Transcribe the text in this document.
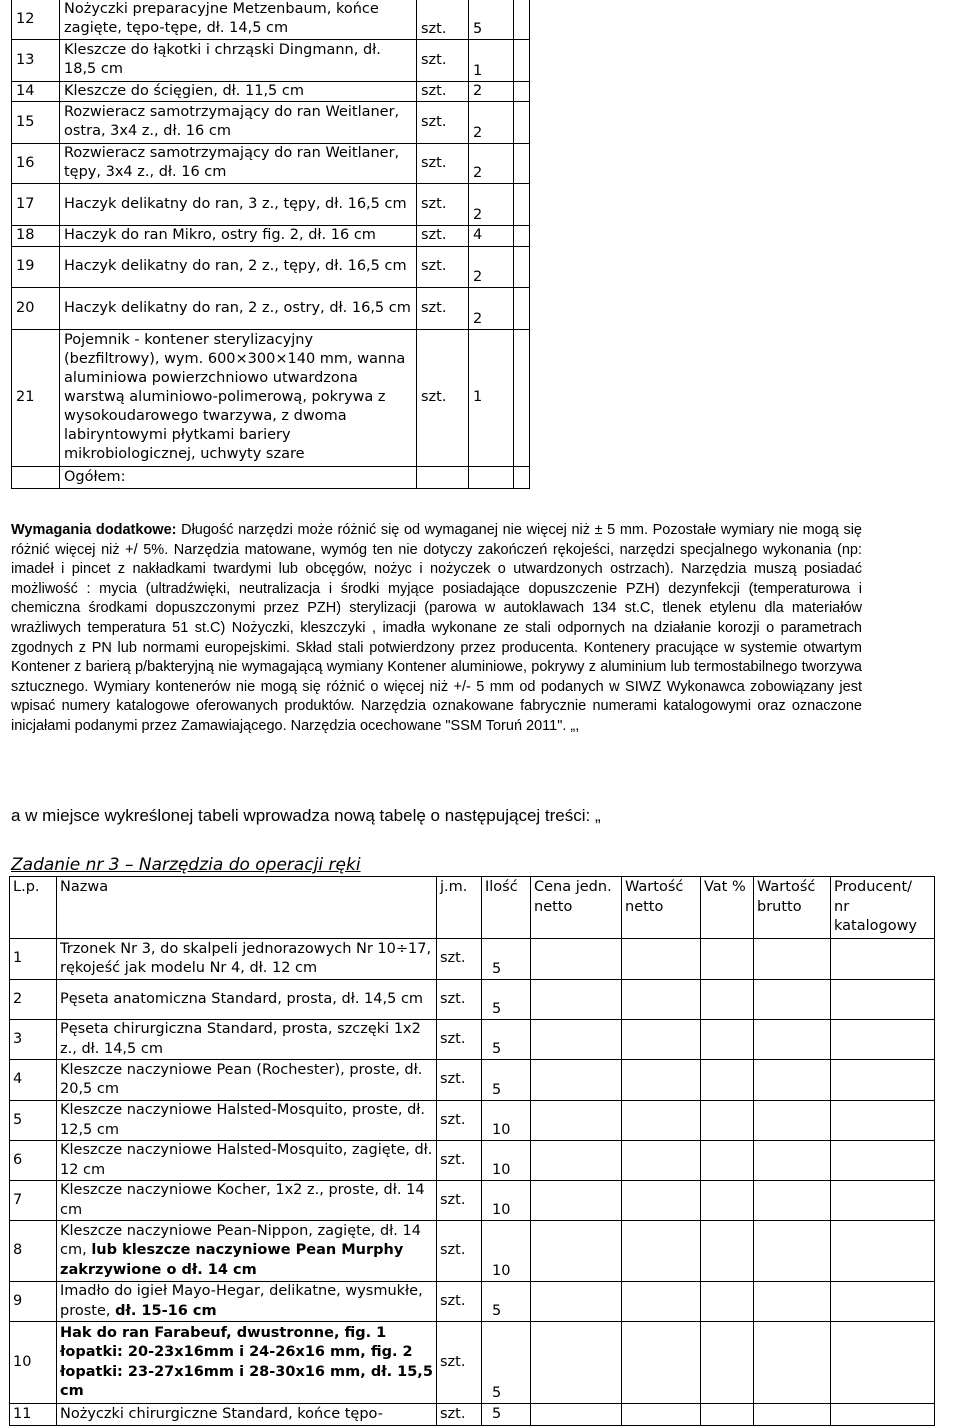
12	Nożyczki preparacyjne Metzenbaum, końce zagięte, tępo-tępe, dł. 14,5 cm	szt.	5	
13	Kleszcze do łąkotki i chrząski Dingmann, dł. 18,5 cm	szt.	1	
14	Kleszcze do ścięgien, dł. 11,5 cm	szt.	2	
15	Rozwieracz samotrzymający do ran Weitlaner, ostra, 3x4 z., dł. 16 cm	szt.	2	
16	Rozwieracz samotrzymający do ran Weitlaner, tępy, 3x4 z., dł. 16 cm	szt.	2	
17	Haczyk delikatny do ran, 3 z., tępy, dł. 16,5 cm	szt.	2	
18	Haczyk do ran Mikro, ostry fig. 2, dł. 16 cm	szt.	4	
19	Haczyk delikatny do ran, 2 z., tępy, dł. 16,5 cm	szt.	2	
20	Haczyk delikatny do ran, 2 z., ostry, dł. 16,5 cm	szt.	2	
21	Pojemnik - kontener sterylizacyjny (bezfiltrowy), wym. 600×300×140 mm, wanna aluminiowa powierzchniowo utwardzona warstwą aluminiowo-polimerową, pokrywa z wysokoudarowego twarzywa, z dwoma labiryntowymi płytkami bariery mikrobiologicznej, uchwyty szare	szt.	1	
	Ogółem:			
Wymagania dodatkowe: Długość narzędzi może różnić się od wymaganej nie więcej niż ± 5 mm. Pozostałe wymiary nie mogą się różnić więcej niż +/ 5%. Narzędzia matowane, wymóg ten nie dotyczy zakończeń rękojeści, narzędzi specjalnego wykonania (np: imadeł i pincet z nakładkami twardymi lub obcęgów, nożyc i nożyczek o utwardzonych ostrzach). Narzędzia muszą posiadać możliwość : mycia (ultradźwięki, neutralizacja i środki myjące posiadające dopuszczenie PZH) dezynfekcji (temperaturowa i chemiczna środkami dopuszczonymi przez PZH) sterylizacji (parowa w autoklawach 134 st.C, tlenek etylenu dla materiałów wrażliwych temperatura 51 st.C) Nożyczki, kleszczyki , imadła wykonane ze stali odpornych na działanie korozji o parametrach zgodnych z PN lub normami europejskimi. Skład stali potwierdzony przez producenta. Kontenery pracujące w systemie otwartym Kontener z barierą p/bakteryjną nie wymagającą wymiany Kontener aluminiowe, pokrywy z aluminium lub termostabilnego tworzywa sztucznego. Wymiary kontenerów nie mogą się różnić o więcej niż +/- 5 mm od podanych w SIWZ Wykonawca zobowiązany jest wpisać numery katalogowe oferowanych produktów. Narzędzia oznakowane fabrycznie numerami katalogowymi oraz oznaczone inicjałami podanymi przez Zamawiającego. Narzędzia ocechowane "SSM Toruń 2011". „,
a w miejsce wykreślonej tabeli wprowadza nową tabelę o następującej treści: „
Zadanie nr 3 – Narzędzia do operacji ręki
L.p.	Nazwa	j.m.	Ilość	Cena jedn. netto	Wartość netto	Vat %	Wartość brutto	Producent/ nr katalogowy
1	Trzonek Nr 3, do skalpeli jednorazowych Nr 10÷17, rękojeść jak modelu Nr 4, dł. 12 cm	szt.	5					
2	Pęseta anatomiczna Standard, prosta, dł. 14,5 cm	szt.	5					
3	Pęseta chirurgiczna Standard, prosta, szczęki 1x2 z., dł. 14,5 cm	szt.	5					
4	Kleszcze naczyniowe Pean (Rochester), proste, dł. 20,5 cm	szt.	5					
5	Kleszcze naczyniowe Halsted-Mosquito, proste, dł. 12,5 cm	szt.	10					
6	Kleszcze naczyniowe Halsted-Mosquito, zagięte, dł. 12 cm	szt.	10					
7	Kleszcze naczyniowe Kocher, 1x2 z., proste, dł. 14 cm	szt.	10					
8	Kleszcze naczyniowe Pean-Nippon, zagięte, dł. 14 cm, lub kleszcze naczyniowe Pean Murphy zakrzywione o dł. 14 cm	szt.	10					
9	Imadło do igieł Mayo-Hegar, delikatne, wysmukłe, proste, dł. 15-16 cm	szt.	5					
10	Hak do ran Farabeuf, dwustronne, fig. 1 łopatki: 20-23x16mm i 24-26x16 mm, fig. 2 łopatki: 23-27x16mm i 28-30x16 mm, dł. 15,5 cm	szt.	5					
11	Nożyczki chirurgiczne Standard, końce tępo-	szt.	5					
